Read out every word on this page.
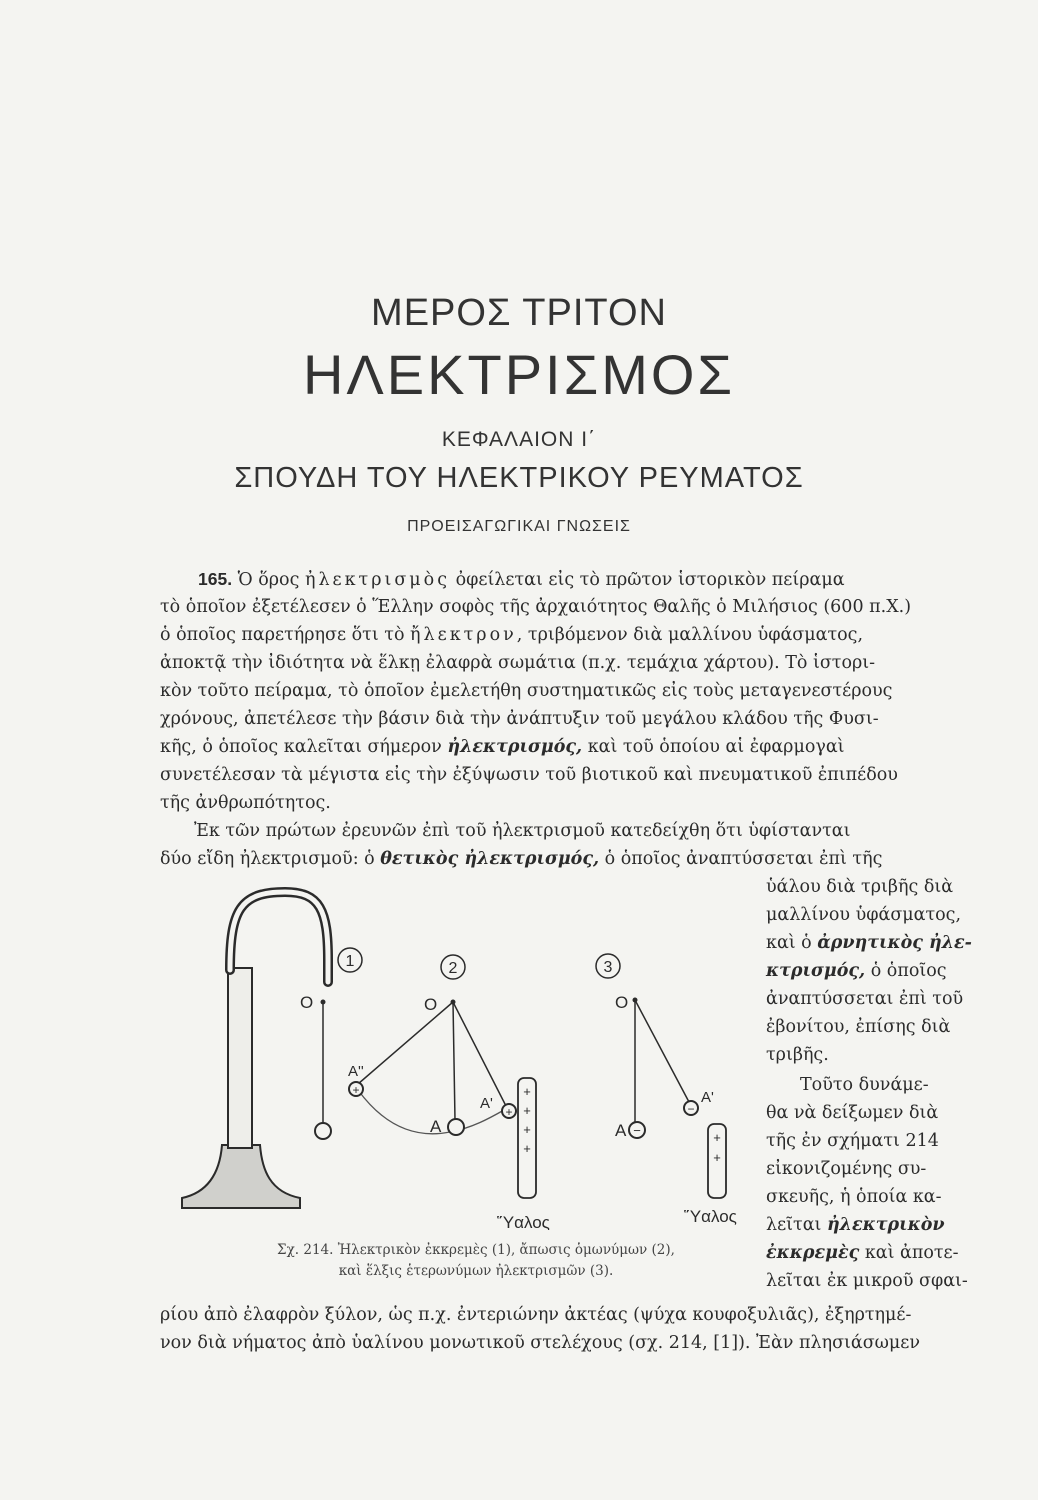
ΜΕΡΟΣ ΤΡΙΤΟΝ
ΗΛΕΚΤΡΙΣΜΟΣ
ΚΕΦΑΛΑΙΟΝ Ι΄
ΣΠΟΥΔΗ ΤΟΥ ΗΛΕΚΤΡΙΚΟΥ ΡΕΥΜΑΤΟΣ
ΠΡΟΕΙΣΑΓΩΓΙΚΑΙ ΓΝΩΣΕΙΣ
165. Ὁ ὅρος ἠλεκτρισμὸς ὀφείλεται εἰς τὸ πρῶτον ἱστορικὸν πείραμα
τὸ ὁποῖον ἐξετέλεσεν ὁ Ἕλλην σοφὸς τῆς ἀρχαιότητος Θαλῆς ὁ Μιλήσιος (600 π.Χ.)
ὁ ὁποῖος παρετήρησε ὅτι τὸ ἤλεκτρον, τριβόμενον διὰ μαλλίνου ὑφάσματος,
ἀποκτᾷ τὴν ἰδιότητα νὰ ἕλκῃ ἐλαφρὰ σωμάτια (π.χ. τεμάχια χάρτου). Τὸ ἱστορι-
κὸν τοῦτο πείραμα, τὸ ὁποῖον ἐμελετήθη συστηματικῶς εἰς τοὺς μεταγενεστέρους
χρόνους, ἀπετέλεσε τὴν βάσιν διὰ τὴν ἀνάπτυξιν τοῦ μεγάλου κλάδου τῆς Φυσι-
κῆς, ὁ ὁποῖος καλεῖται σήμερον ἠλεκτρισμός, καὶ τοῦ ὁποίου αἱ ἐφαρμογαὶ
συνετέλεσαν τὰ μέγιστα εἰς τὴν ἐξύψωσιν τοῦ βιοτικοῦ καὶ πνευματικοῦ ἐπιπέδου
τῆς ἀνθρωπότητος.
Ἐκ τῶν πρώτων ἐρευνῶν ἐπὶ τοῦ ἠλεκτρισμοῦ κατεδείχθη ὅτι ὑφίστανται
δύο εἴδη ἠλεκτρισμοῦ: ὁ θετικὸς ἠλεκτρισμός, ὁ ὁποῖος ἀναπτύσσεται ἐπὶ τῆς
ὑάλου διὰ τριβῆς διὰ
μαλλίνου ὑφάσματος,
καὶ ὁ ἀρνητικὸς ἠλε-
κτρισμός, ὁ ὁποῖος
ἀναπτύσσεται ἐπὶ τοῦ
ἐβονίτου, ἐπίσης διὰ
τριβῆς.
Τοῦτο δυνάμε-
θα νὰ δείξωμεν διὰ
τῆς ἐν σχήματι 214
εἰκονιζομένης συ-
σκευῆς, ἡ ὁποία κα-
λεῖται ἠλεκτρικὸν
ἐκκρεμὲς καὶ ἀποτε-
λεῖται ἐκ μικροῦ σφαι-
ρίου ἀπὸ ἐλαφρὸν ξύλον, ὡς π.χ. ἐντεριώνην ἀκτέας (ψύχα κουφοξυλιᾶς), ἐξηρτημέ-
νον διὰ νήματος ἀπὸ ὑαλίνου μονωτικοῦ στελέχους (σχ. 214, [1]). Ἐὰν πλησιάσωμεν
1
O
2
O
+
A''
A
+
A'
+
+
+
+
Ὕαλος
3
O
−
A
−
A'
+
+
Ὕαλος
Σχ. 214. Ἠλεκτρικὸν ἐκκρεμὲς (1), ἄπωσις ὁμωνύμων (2),
καὶ ἕλξις ἑτερωνύμων ἠλεκτρισμῶν (3).
